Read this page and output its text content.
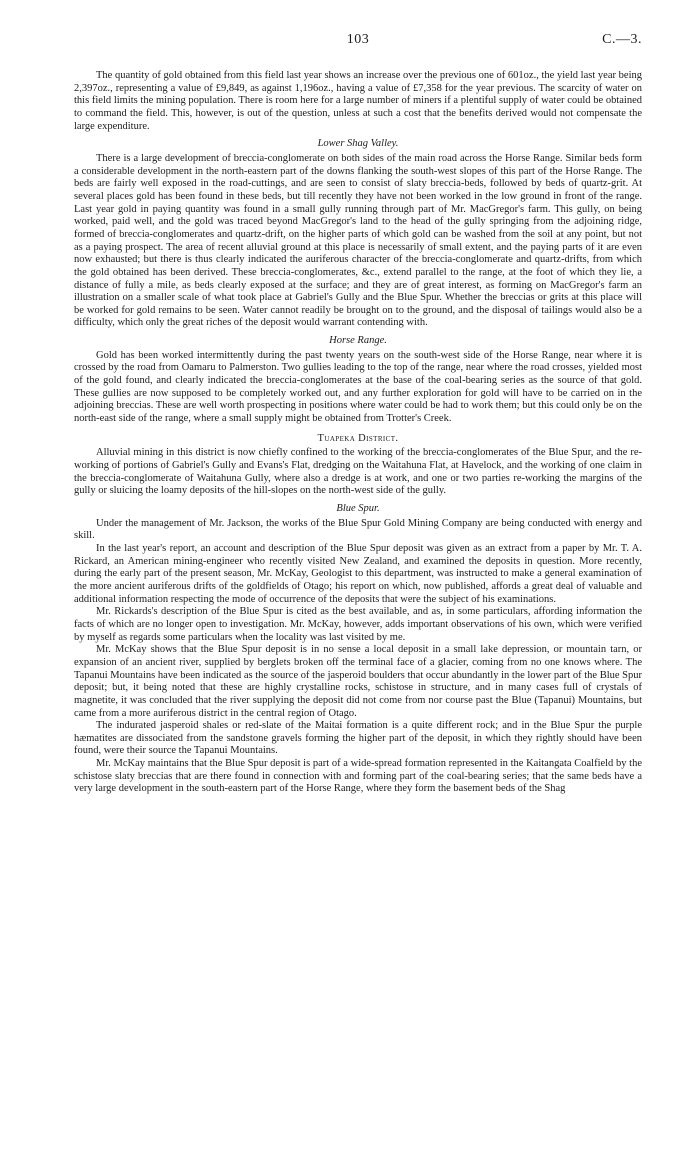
103	C.—3.

The quantity of gold obtained from this field last year shows an increase over the previous one of 601oz., the yield last year being 2,397oz., representing a value of £9,849, as against 1,196oz., having a value of £7,358 for the year previous. The scarcity of water on this field limits the mining population. There is room here for a large number of miners if a plentiful supply of water could be obtained to command the field. This, however, is out of the question, unless at such a cost that the benefits derived would not compensate the large expenditure.

Lower Shag Valley.

There is a large development of breccia-conglomerate on both sides of the main road across the Horse Range. Similar beds form a considerable development in the north-eastern part of the downs flanking the south-west slopes of this part of the Horse Range. The beds are fairly well exposed in the road-cuttings, and are seen to consist of slaty breccia-beds, followed by beds of quartz-grit. At several places gold has been found in these beds, but till recently they have not been worked in the low ground in front of the range. Last year gold in paying quantity was found in a small gully running through part of Mr. MacGregor's farm. This gully, on being worked, paid well, and the gold was traced beyond MacGregor's land to the head of the gully springing from the adjoining ridge, formed of breccia-conglomerates and quartz-drift, on the higher parts of which gold can be washed from the soil at any point, but not as a paying prospect. The area of recent alluvial ground at this place is necessarily of small extent, and the paying parts of it are even now exhausted; but there is thus clearly indicated the auriferous character of the breccia-conglomerate and quartz-drifts, from which the gold obtained has been derived. These breccia-conglomerates, &c., extend parallel to the range, at the foot of which they lie, a distance of fully a mile, as beds clearly exposed at the surface; and they are of great interest, as forming on MacGregor's farm an illustration on a smaller scale of what took place at Gabriel's Gully and the Blue Spur. Whether the breccias or grits at this place will be worked for gold remains to be seen. Water cannot readily be brought on to the ground, and the disposal of tailings would also be a difficulty, which only the great riches of the deposit would warrant contending with.

Horse Range.

Gold has been worked intermittently during the past twenty years on the south-west side of the Horse Range, near where it is crossed by the road from Oamaru to Palmerston. Two gullies leading to the top of the range, near where the road crosses, yielded most of the gold found, and clearly indicated the breccia-conglomerates at the base of the coal-bearing series as the source of that gold. These gullies are now supposed to be completely worked out, and any further exploration for gold will have to be carried on in the adjoining breccias. These are well worth prospecting in positions where water could be had to work them; but this could only be on the north-east side of the range, where a small supply might be obtained from Trotter's Creek.

Tuapeka District.

Alluvial mining in this district is now chiefly confined to the working of the breccia-conglomerates of the Blue Spur, and the re-working of portions of Gabriel's Gully and Evans's Flat, dredging on the Waitahuna Flat, at Havelock, and the working of one claim in the breccia-conglomerate of Waitahuna Gully, where also a dredge is at work, and one or two parties re-working the margins of the gully or sluicing the loamy deposits of the hill-slopes on the north-west side of the gully.

Blue Spur.

Under the management of Mr. Jackson, the works of the Blue Spur Gold Mining Company are being conducted with energy and skill.

In the last year's report, an account and description of the Blue Spur deposit was given as an extract from a paper by Mr. T. A. Rickard, an American mining-engineer who recently visited New Zealand, and examined the deposits in question. More recently, during the early part of the present season, Mr. McKay, Geologist to this department, was instructed to make a general examination of the more ancient auriferous drifts of the goldfields of Otago; his report on which, now published, affords a great deal of valuable and additional information respecting the mode of occurrence of the deposits that were the subject of his examinations.

Mr. Rickards's description of the Blue Spur is cited as the best available, and as, in some particulars, affording information the facts of which are no longer open to investigation. Mr. McKay, however, adds important observations of his own, which were verified by myself as regards some particulars when the locality was last visited by me.

Mr. McKay shows that the Blue Spur deposit is in no sense a local deposit in a small lake depression, or mountain tarn, or expansion of an ancient river, supplied by berglets broken off the terminal face of a glacier, coming from no one knows where. The Tapanui Mountains have been indicated as the source of the jasperoid boulders that occur abundantly in the lower part of the Blue Spur deposit; but, it being noted that these are highly crystalline rocks, schistose in structure, and in many cases full of crystals of magnetite, it was concluded that the river supplying the deposit did not come from nor course past the Blue (Tapanui) Mountains, but came from a more auriferous district in the central region of Otago.

The indurated jasperoid shales or red-slate of the Maitai formation is a quite different rock; and in the Blue Spur the purple hæmatites are dissociated from the sandstone gravels forming the higher part of the deposit, in which they rightly should have been found, were their source the Tapanui Mountains.

Mr. McKay maintains that the Blue Spur deposit is part of a wide-spread formation represented in the Kaitangata Coalfield by the schistose slaty breccias that are there found in connection with and forming part of the coal-bearing series; that the same beds have a very large development in the south-eastern part of the Horse Range, where they form the basement beds of the Shag
